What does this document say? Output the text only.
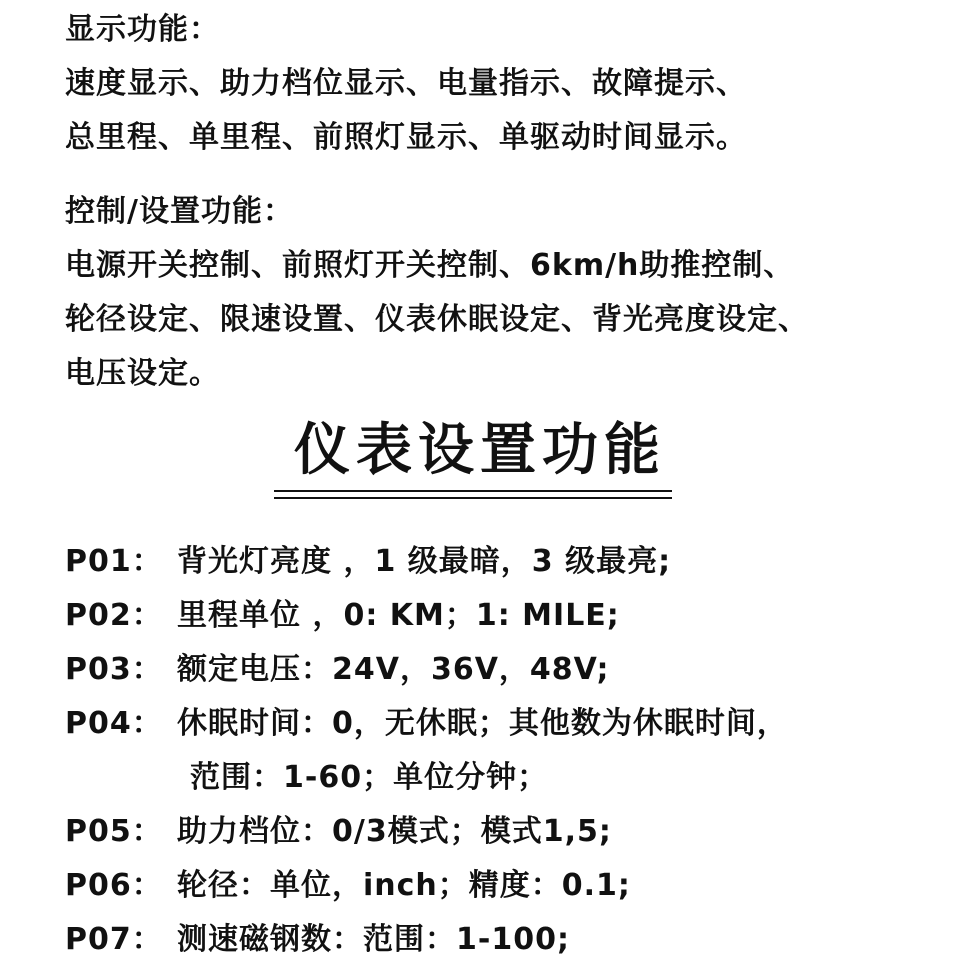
显示功能：
速度显示、助力档位显示、电量指示、故障提示、
总里程、单里程、前照灯显示、单驱动时间显示。
控制/设置功能：
电源开关控制、前照灯开关控制、6km/h助推控制、
轮径设定、限速设置、仪表休眠设定、背光亮度设定、
电压设定。
仪表设置功能
P01： 背光灯亮度 ，1 级最暗，3 级最亮;
P02： 里程单位 ，0: KM；1: MILE;
P03： 额定电压：24V，36V，48V;
P04： 休眠时间：0，无休眠；其他数为休眠时间，
范围：1-60；单位分钟；
P05： 助力档位：0/3模式；模式1,5;
P06： 轮径：单位，inch；精度：0.1;
P07： 测速磁钢数：范围：1-100;
